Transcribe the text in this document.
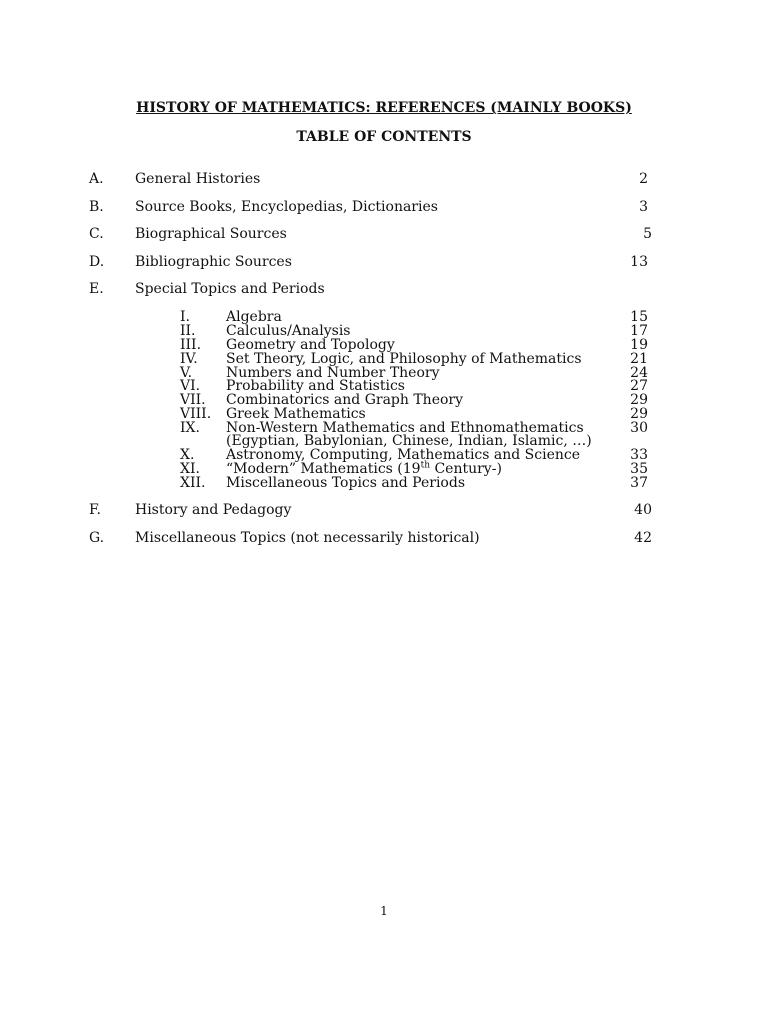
HISTORY OF MATHEMATICS: REFERENCES (MAINLY BOOKS)
TABLE OF CONTENTS
A. General Histories	2
B. Source Books, Encyclopedias, Dictionaries	3
C. Biographical Sources	5
D. Bibliographic Sources	13
E. Special Topics and Periods
I.	Algebra	15
II. Calculus/Analysis	17
III. Geometry and Topology	19
IV. Set Theory, Logic, and Philosophy of Mathematics	21
V. Numbers and Number Theory	24
VI. Probability and Statistics	27
VII. Combinatorics and Graph Theory	29
VIII. Greek Mathematics	29
IX. Non-Western Mathematics and Ethnomathematics	30
(Egyptian, Babylonian, Chinese, Indian, Islamic, …)
X. Astronomy, Computing, Mathematics and Science	33
XI. “Modern” Mathematics (19th Century-)	35
XII. Miscellaneous Topics and Periods	37
F. History and Pedagogy	40
G. Miscellaneous Topics (not necessarily historical)	42
1
